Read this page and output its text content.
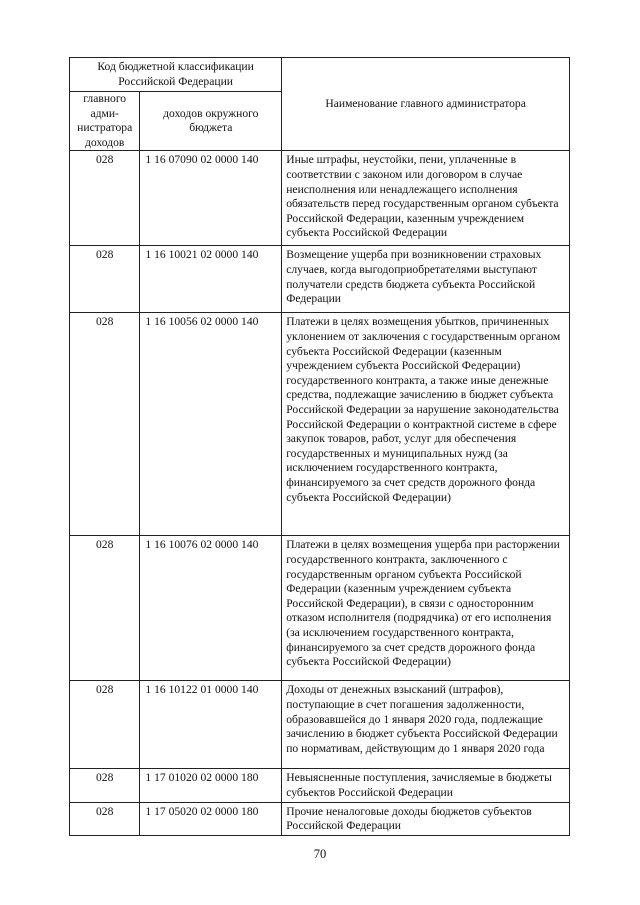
Код бюджетной классификации Российской Федерации		Наименование главного администратора
главного адми-нистратора доходов	доходов окружного бюджета	
028	1 16 07090 02 0000 140	Иные штрафы, неустойки, пени, уплаченные в соответствии с законом или договором в случае неисполнения или ненадлежащего исполнения обязательств перед государственным органом субъекта Российской Федерации, казенным учреждением субъекта Российской Федерации
028	1 16 10021 02 0000 140	Возмещение ущерба при возникновении страховых случаев, когда выгодоприобретателями выступают получатели средств бюджета субъекта Российской Федерации
028	1 16 10056 02 0000 140	Платежи в целях возмещения убытков, причиненных уклонением от заключения с государственным органом субъекта Российской Федерации (казенным учреждением субъекта Российской Федерации) государственного контракта, а также иные денежные средства, подлежащие зачислению в бюджет субъекта Российской Федерации за нарушение законодательства Российской Федерации о контрактной системе в сфере закупок товаров, работ, услуг для обеспечения государственных и муниципальных нужд (за исключением государственного контракта, финансируемого за счет средств дорожного фонда субъекта Российской Федерации)
028	1 16 10076 02 0000 140	Платежи в целях возмещения ущерба при расторжении государственного контракта, заключенного с государственным органом субъекта Российской Федерации (казенным учреждением субъекта Российской Федерации), в связи с односторонним отказом исполнителя (подрядчика) от его исполнения (за исключением государственного контракта, финансируемого за счет средств дорожного фонда субъекта Российской Федерации)
028	1 16 10122 01 0000 140	Доходы от денежных взысканий (штрафов), поступающие в счет погашения задолженности, образовавшейся до 1 января 2020 года, подлежащие зачислению в бюджет субъекта Российской Федерации по нормативам, действующим до 1 января 2020 года
028	1 17 01020 02 0000 180	Невыясненные поступления, зачисляемые в бюджеты субъектов Российской Федерации
028	1 17 05020 02 0000 180	Прочие неналоговые доходы бюджетов субъектов Российской Федерации
70
